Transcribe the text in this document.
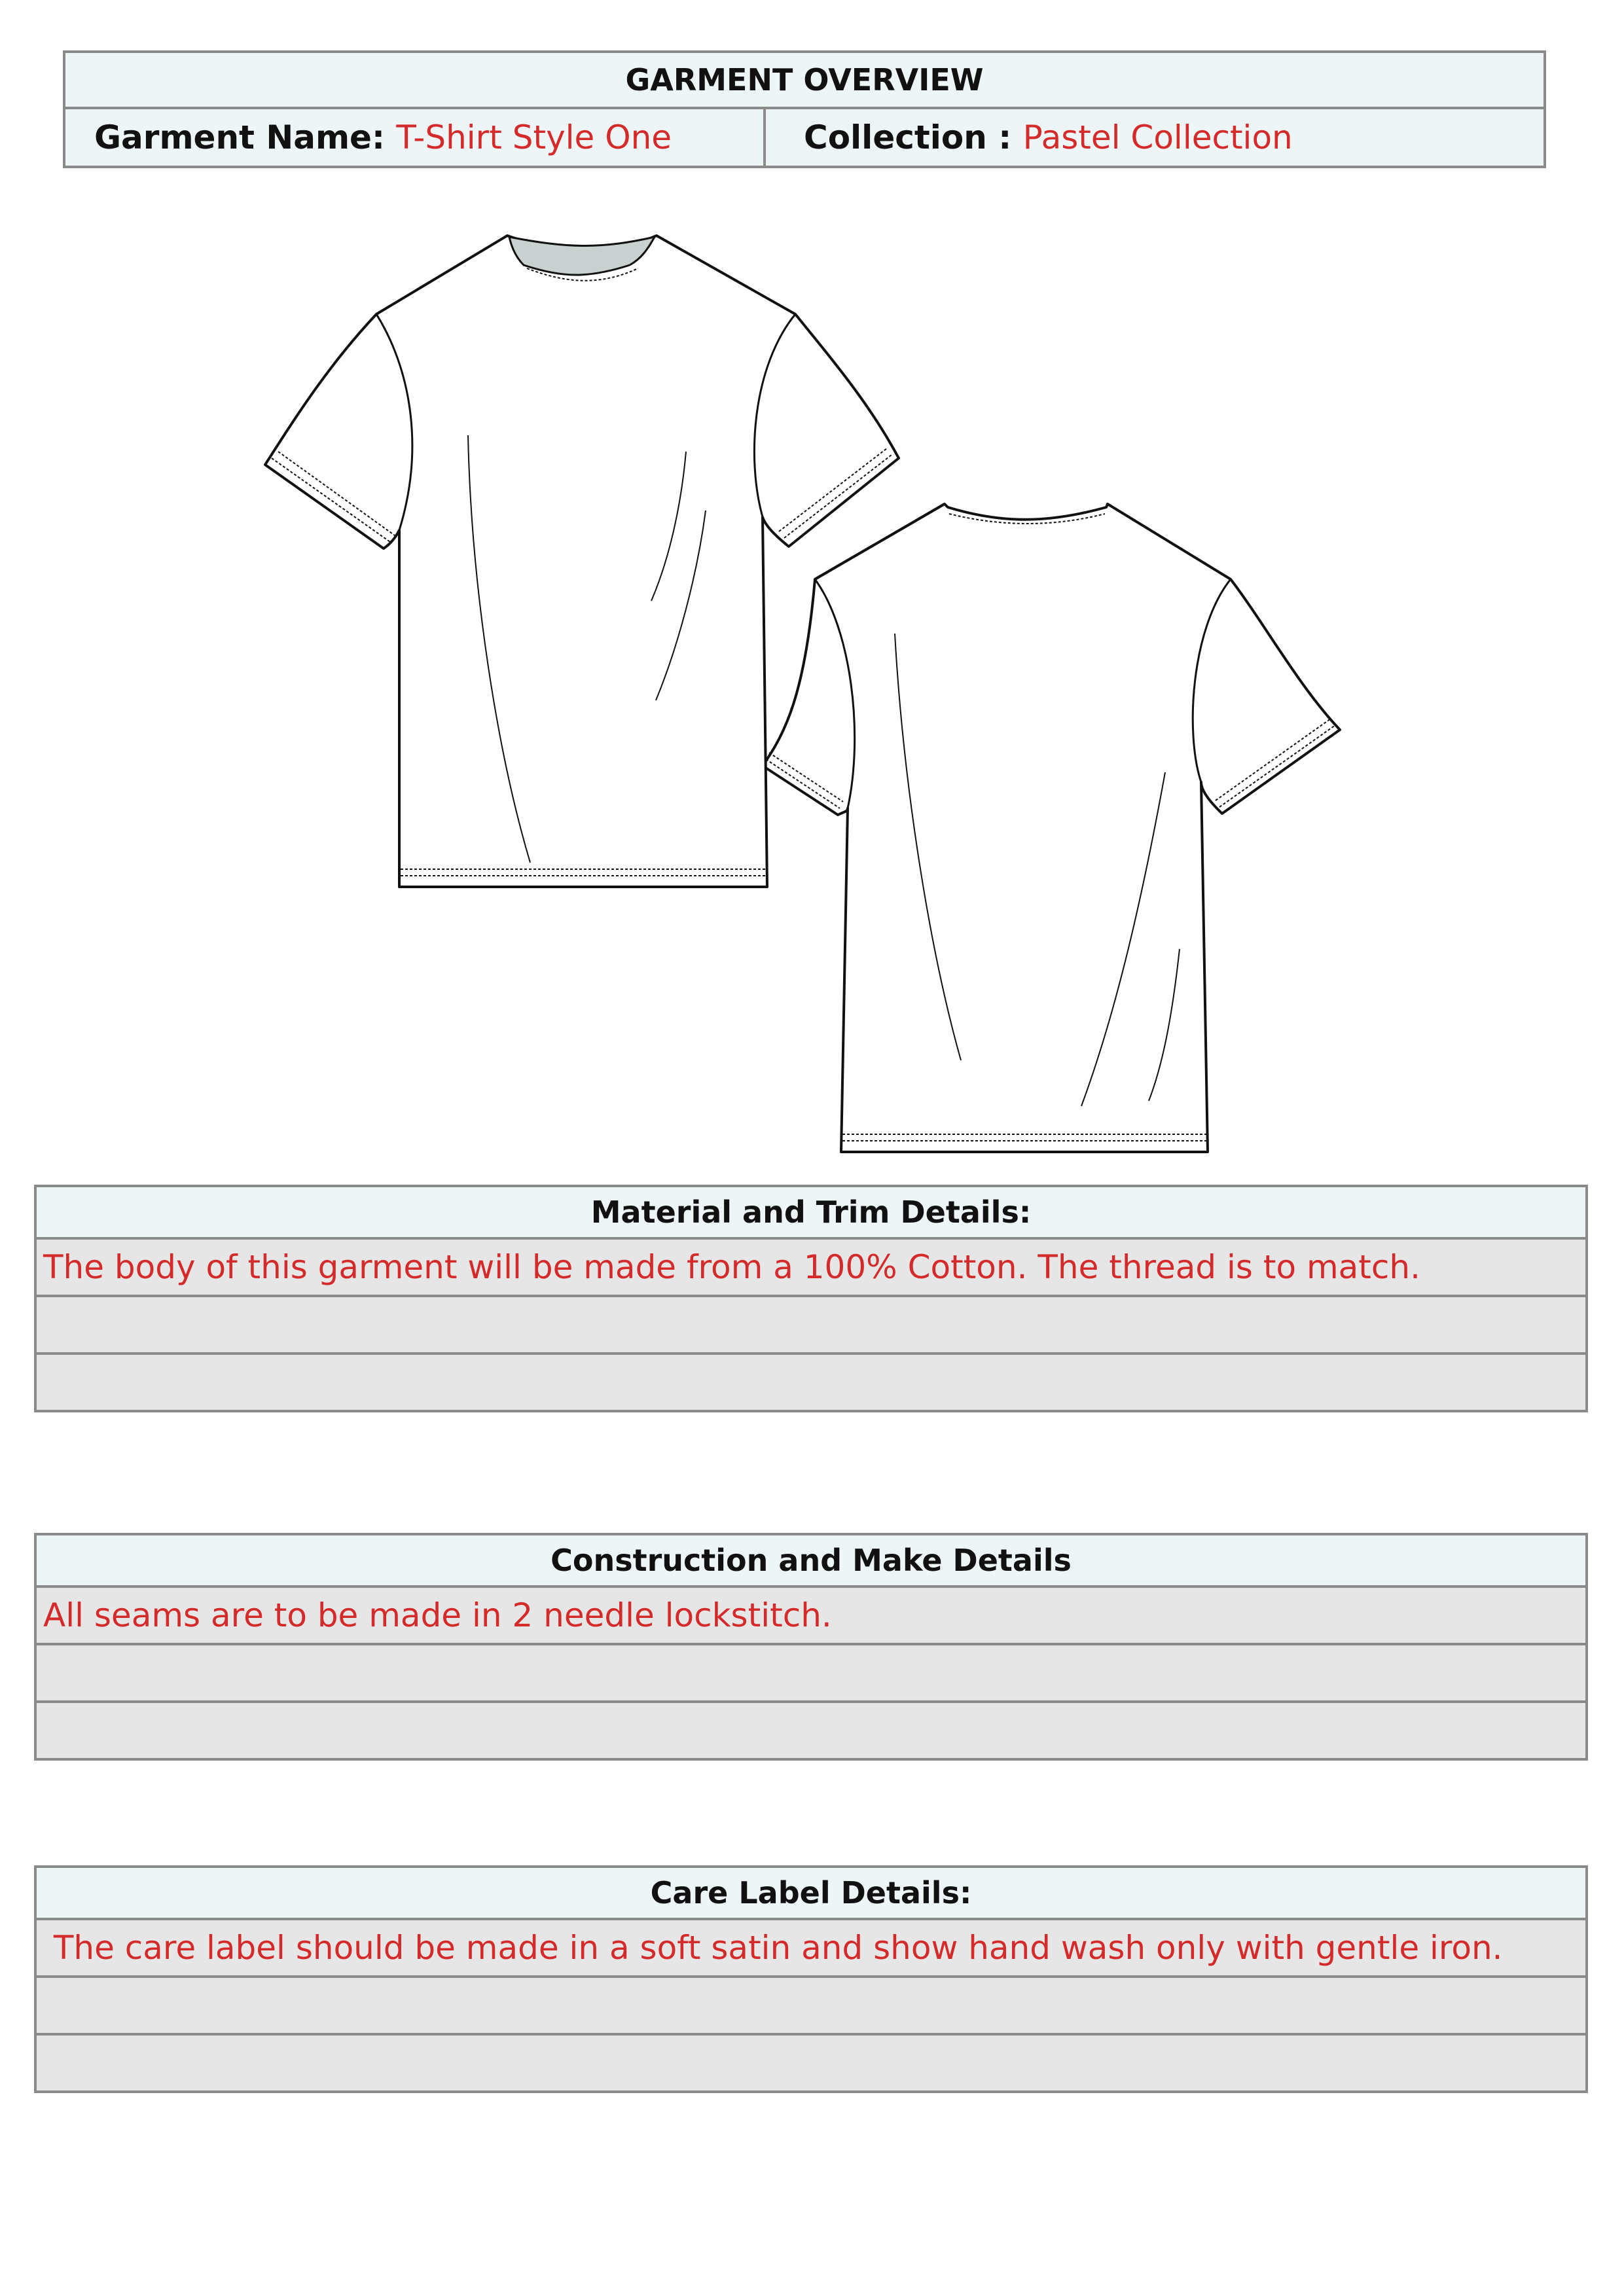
GARMENT OVERVIEW
Garment Name: T-Shirt Style One	Collection : Pastel Collection
Material and Trim Details:
The body of this garment will be made from a 100% Cotton. The thread is to match.
Construction and Make Details
All seams are to be made in 2 needle lockstitch.
Care Label Details:
The care label should be made in a soft satin and show hand wash only with gentle iron.
